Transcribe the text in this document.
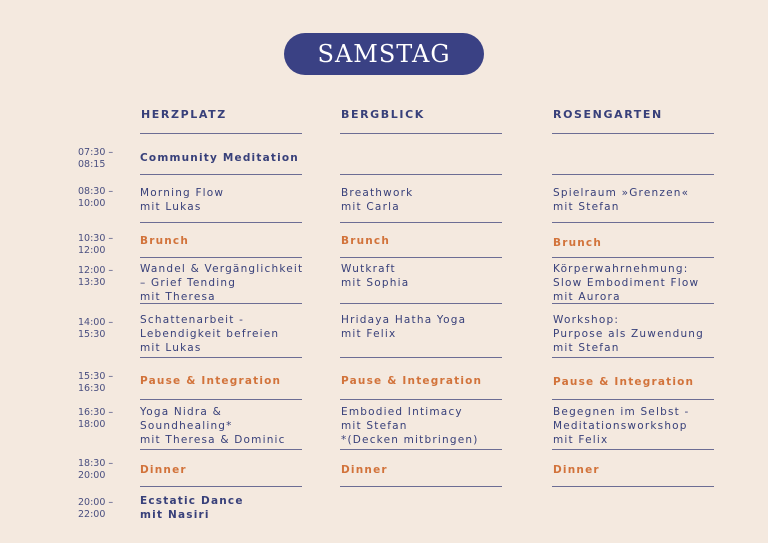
SAMSTAG
HERZPLATZ	BERGBLICK	ROSENGARTEN
07:30 –
08:15
08:30 –
10:00
10:30 –
12:00
12:00 –
13:30
14:00 –
15:30
15:30 –
16:30
16:30 –
18:00
18:30 –
20:00
20:00 –
22:00
Community Meditation
Morning Flow
mit Lukas
Brunch
Wandel & Vergänglichkeit
– Grief Tending
mit Theresa
Schattenarbeit -
Lebendigkeit befreien
mit Lukas
Pause & Integration
Yoga Nidra &
Soundhealing*
mit Theresa & Dominic
Dinner
Ecstatic Dance
mit Nasiri
Breathwork
mit Carla
Brunch
Wutkraft
mit Sophia
Hridaya Hatha Yoga
mit Felix
Pause & Integration
Embodied Intimacy
mit Stefan
*(Decken mitbringen)
Dinner
Spielraum »Grenzen«
mit Stefan
Brunch
Körperwahrnehmung:
Slow Embodiment Flow
mit Aurora
Workshop:
Purpose als Zuwendung
mit Stefan
Pause & Integration
Begegnen im Selbst -
Meditationsworkshop
mit Felix
Dinner
